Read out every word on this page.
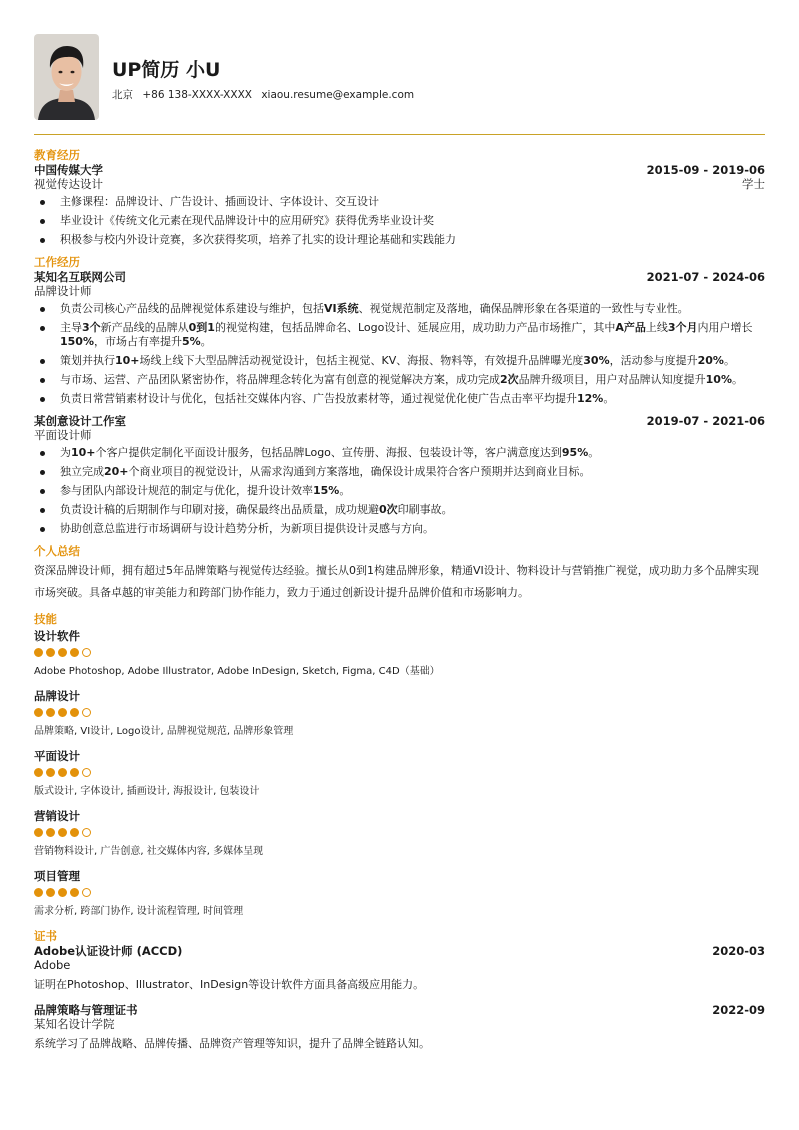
UP简历 小U
北京 +86 138-XXXX-XXXX xiaou.resume@example.com
教育经历
中国传媒大学	2015-09 - 2019-06
视觉传达设计	学士
主修课程：品牌设计、广告设计、插画设计、字体设计、交互设计
毕业设计《传统文化元素在现代品牌设计中的应用研究》获得优秀毕业设计奖
积极参与校内外设计竞赛，多次获得奖项，培养了扎实的设计理论基础和实践能力
工作经历
某知名互联网公司	2021-07 - 2024-06
品牌设计师
负责公司核心产品线的品牌视觉体系建设与维护，包括VI系统、视觉规范制定及落地，确保品牌形象在各渠道的一致性与专业性。
主导3个新产品线的品牌从0到1的视觉构建，包括品牌命名、Logo设计、延展应用，成功助力产品市场推广，其中A产品上线3个月内用户增长150%，市场占有率提升5%。
策划并执行10+场线上线下大型品牌活动视觉设计，包括主视觉、KV、海报、物料等，有效提升品牌曝光度30%，活动参与度提升20%。
与市场、运营、产品团队紧密协作，将品牌理念转化为富有创意的视觉解决方案，成功完成2次品牌升级项目，用户对品牌认知度提升10%。
负责日常营销素材设计与优化，包括社交媒体内容、广告投放素材等，通过视觉优化使广告点击率平均提升12%。
某创意设计工作室	2019-07 - 2021-06
平面设计师
为10+个客户提供定制化平面设计服务，包括品牌Logo、宣传册、海报、包装设计等，客户满意度达到95%。
独立完成20+个商业项目的视觉设计，从需求沟通到方案落地，确保设计成果符合客户预期并达到商业目标。
参与团队内部设计规范的制定与优化，提升设计效率15%。
负责设计稿的后期制作与印刷对接，确保最终出品质量，成功规避0次印刷事故。
协助创意总监进行市场调研与设计趋势分析，为新项目提供设计灵感与方向。
个人总结
资深品牌设计师，拥有超过5年品牌策略与视觉传达经验。擅长从0到1构建品牌形象，精通VI设计、物料设计与营销推广视觉，成功助力多个品牌实现市场突破。具备卓越的审美能力和跨部门协作能力，致力于通过创新设计提升品牌价值和市场影响力。
技能
设计软件
Adobe Photoshop, Adobe Illustrator, Adobe InDesign, Sketch, Figma, C4D（基础）
品牌设计
品牌策略, VI设计, Logo设计, 品牌视觉规范, 品牌形象管理
平面设计
版式设计, 字体设计, 插画设计, 海报设计, 包装设计
营销设计
营销物料设计, 广告创意, 社交媒体内容, 多媒体呈现
项目管理
需求分析, 跨部门协作, 设计流程管理, 时间管理
证书
Adobe认证设计师 (ACCD)	2020-03
Adobe
证明在Photoshop、Illustrator、InDesign等设计软件方面具备高级应用能力。
品牌策略与管理证书	2022-09
某知名设计学院
系统学习了品牌战略、品牌传播、品牌资产管理等知识，提升了品牌全链路认知。
